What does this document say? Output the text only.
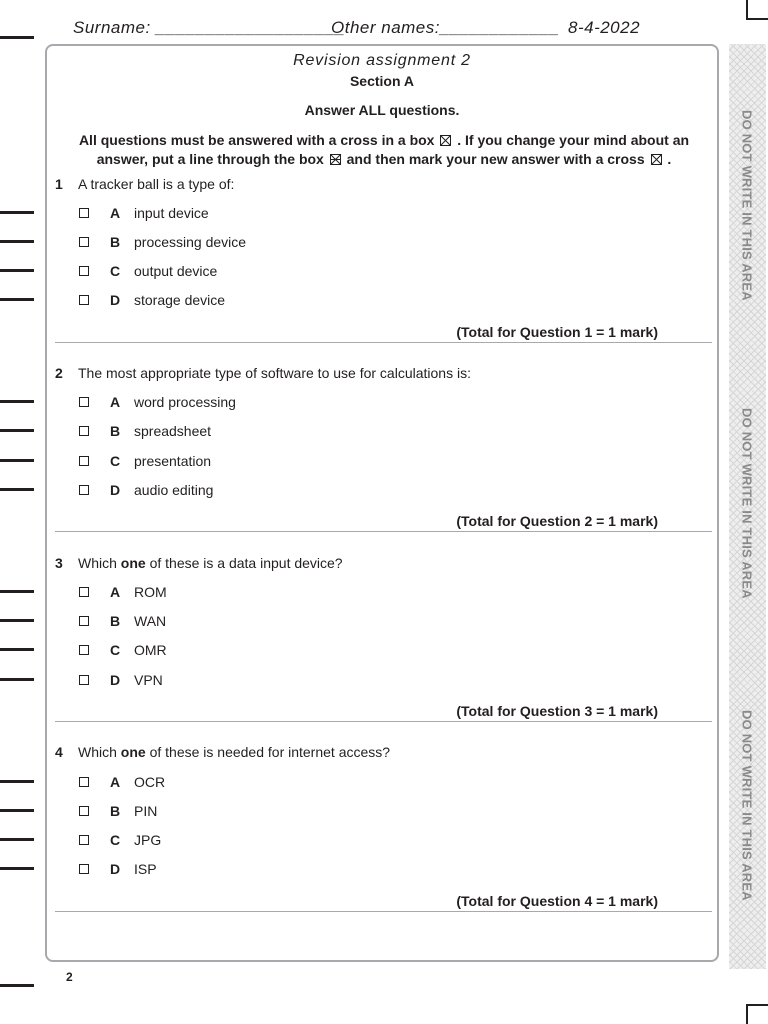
Surname: ___________________
Other names:____________ 8-4-2022
DO NOT WRITE IN THIS AREA
DO NOT WRITE IN THIS AREA
DO NOT WRITE IN THIS AREA
Revision assignment 2
Section A
Answer ALL questions.
All questions must be answered with a cross in a box ☒ . If you change your mind about an answer, put a line through the box and then mark your new answer with a cross ☒ .
1 A tracker ball is a type of:
A input device
B processing device
C output device
D storage device
(Total for Question 1 = 1 mark)
2 The most appropriate type of software to use for calculations is:
A word processing
B spreadsheet
C presentation
D audio editing
(Total for Question 2 = 1 mark)
3 Which one of these is a data input device?
A ROM
B WAN
C OMR
D VPN
(Total for Question 3 = 1 mark)
4 Which one of these is needed for internet access?
A OCR
B PIN
C JPG
D ISP
(Total for Question 4 = 1 mark)
2
